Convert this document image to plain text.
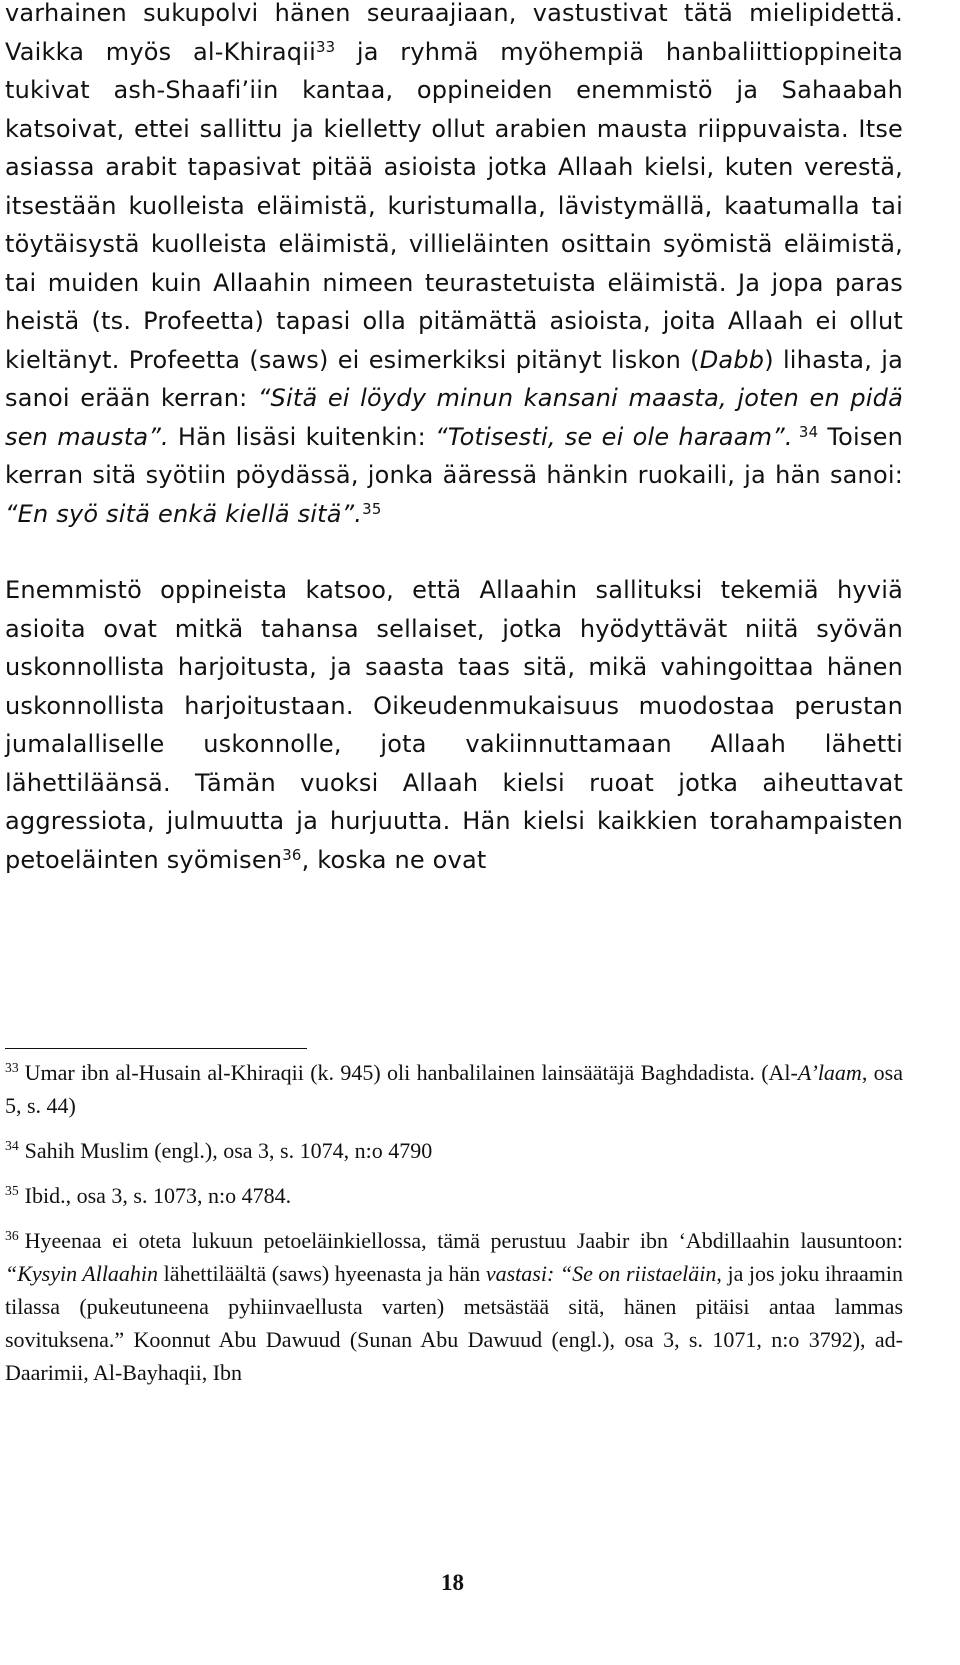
varhainen sukupolvi hänen seuraajiaan, vastustivat tätä mielipidettä. Vaikka myös al-Khiraqii$^{33}$ ja ryhmä myöhempiä hanbaliittioppineita tukivat ash-Shaafi’iin kantaa, oppineiden enemmistö ja Sahaabah katsoivat, ettei sallittu ja kielletty ollut arabien mausta riippuvaista. Itse asiassa arabit tapasivat pitää asioista jotka Allaah kielsi, kuten verestä, itsestään kuolleista eläimistä, kuristumalla, lävistymällä, kaatumalla tai töytäisystä kuolleista eläimistä, villieläinten osittain syömistä eläimistä, tai muiden kuin Allaahin nimeen teurastetuista eläimistä. Ja jopa paras heistä (ts. Profeetta) tapasi olla pitämättä asioista, joita Allaah ei ollut kieltänyt. Profeetta (saws) ei esimerkiksi pitänyt liskon (Dabb) lihasta, ja sanoi erään kerran: “Sitä ei löydy minun kansani maasta, joten en pidä sen mausta”. Hän lisäsi kuitenkin: “Totisesti, se ei ole haraam”. $^{34}$ Toisen kerran sitä syötiin pöydässä, jonka ääressä hänkin ruokaili, ja hän sanoi: “En syö sitä enkä kiellä sitä”.$^{35}$

Enemmistö oppineista katsoo, että Allaahin sallituksi tekemiä hyviä asioita ovat mitkä tahansa sellaiset, jotka hyödyttävät niitä syövän uskonnollista harjoitusta, ja saasta taas sitä, mikä vahingoittaa hänen uskonnollista harjoitustaan. Oikeudenmukaisuus muodostaa perustan jumalalliselle uskonnolle, jota vakiinnuttamaan Allaah lähetti lähettiläänsä. Tämän vuoksi Allaah kielsi ruoat jotka aiheuttavat aggressiota, julmuutta ja hurjuutta. Hän kielsi kaikkien torahampaisten petoeläinten syömisen$^{36}$, koska ne ovat

$^{33}$ Umar ibn al-Husain al-Khiraqii (k. 945) oli hanbalilainen lainsäätäjä Baghdadista. (Al-A’laam, osa 5, s. 44)

$^{34}$ Sahih Muslim (engl.), osa 3, s. 1074, n:o 4790

$^{35}$ Ibid., osa 3, s. 1073, n:o 4784.

$^{36}$ Hyeenaa ei oteta lukuun petoeläinkiellossa, tämä perustuu Jaabir ibn ‘Abdillaahin lausuntoon: “Kysyin Allaahin lähettiläältä (saws) hyeenasta ja hän vastasi: “Se on riistaeläin, ja jos joku ihraamin tilassa (pukeutuneena pyhiinvaellusta varten) metsästää sitä, hänen pitäisi antaa lammas sovituksena.” Koonnut Abu Dawuud (Sunan Abu Dawuud (engl.), osa 3, s. 1071, n:o 3792), ad-Daarimii, Al-Bayhaqii, Ibn

18
